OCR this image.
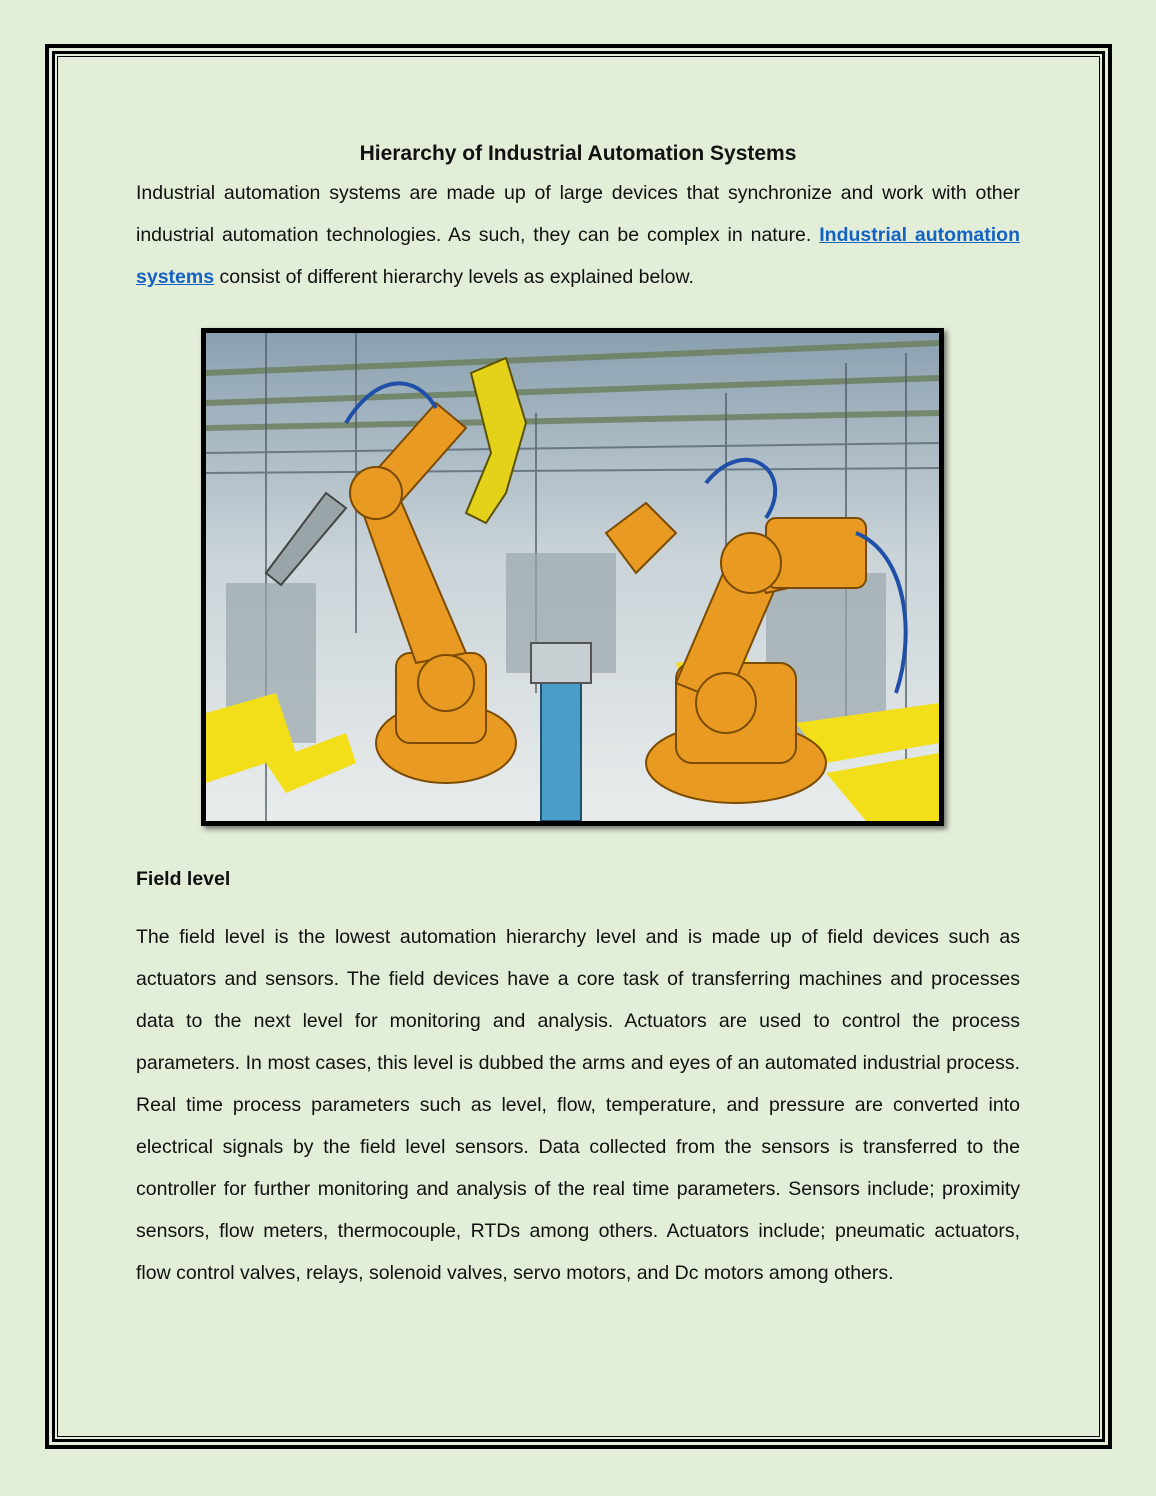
Hierarchy of Industrial Automation Systems

Industrial automation systems are made up of large devices that synchronize and work with other industrial automation technologies. As such, they can be complex in nature. Industrial automation systems consist of different hierarchy levels as explained below.

Field level

The field level is the lowest automation hierarchy level and is made up of field devices such as actuators and sensors. The field devices have a core task of transferring machines and processes data to the next level for monitoring and analysis. Actuators are used to control the process parameters. In most cases, this level is dubbed the arms and eyes of an automated industrial process. Real time process parameters such as level, flow, temperature, and pressure are converted into electrical signals by the field level sensors. Data collected from the sensors is transferred to the controller for further monitoring and analysis of the real time parameters. Sensors include; proximity sensors, flow meters, thermocouple, RTDs among others. Actuators include; pneumatic actuators, flow control valves, relays, solenoid valves, servo motors, and Dc motors among others.
